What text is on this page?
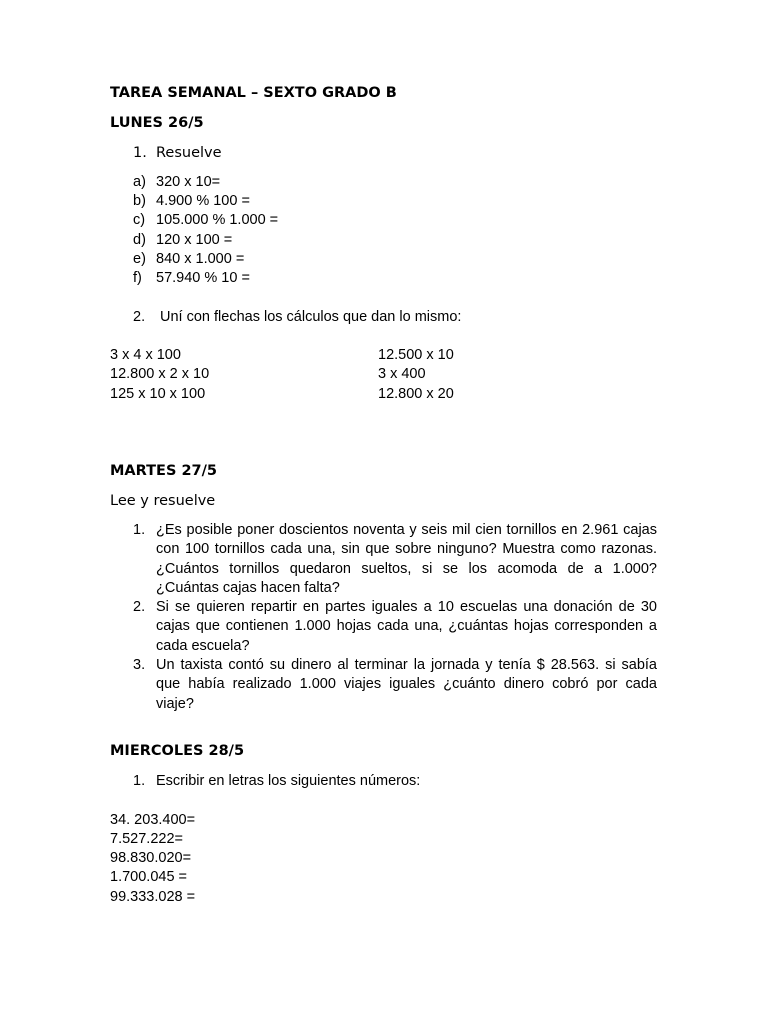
TAREA SEMANAL – SEXTO GRADO B
LUNES 26/5
1. Resuelve
a) 320 x 10=
b) 4.900 % 100 =
c) 105.000 % 1.000 =
d) 120 x 100 =
e) 840 x 1.000 =
f) 57.940 % 10 =
2. Uní con flechas los cálculos que dan lo mismo:
3 x 4 x 100
12.800 x 2 x 10
125 x 10 x 100
12.500 x 10
3 x 400
12.800 x 20
MARTES 27/5
Lee y resuelve
1. ¿Es posible poner doscientos noventa y seis mil cien tornillos en 2.961 cajas con 100 tornillos cada una, sin que sobre ninguno? Muestra como razonas. ¿Cuántos tornillos quedaron sueltos, si se los acomoda de a 1.000? ¿Cuántas cajas hacen falta?
2. Si se quieren repartir en partes iguales a 10 escuelas una donación de 30 cajas que contienen 1.000 hojas cada una, ¿cuántas hojas corresponden a cada escuela?
3. Un taxista contó su dinero al terminar la jornada y tenía $ 28.563. si sabía que había realizado 1.000 viajes iguales ¿cuánto dinero cobró por cada viaje?
MIERCOLES 28/5
1. Escribir en letras los siguientes números:
34. 203.400=
7.527.222=
98.830.020=
1.700.045 =
99.333.028 =
